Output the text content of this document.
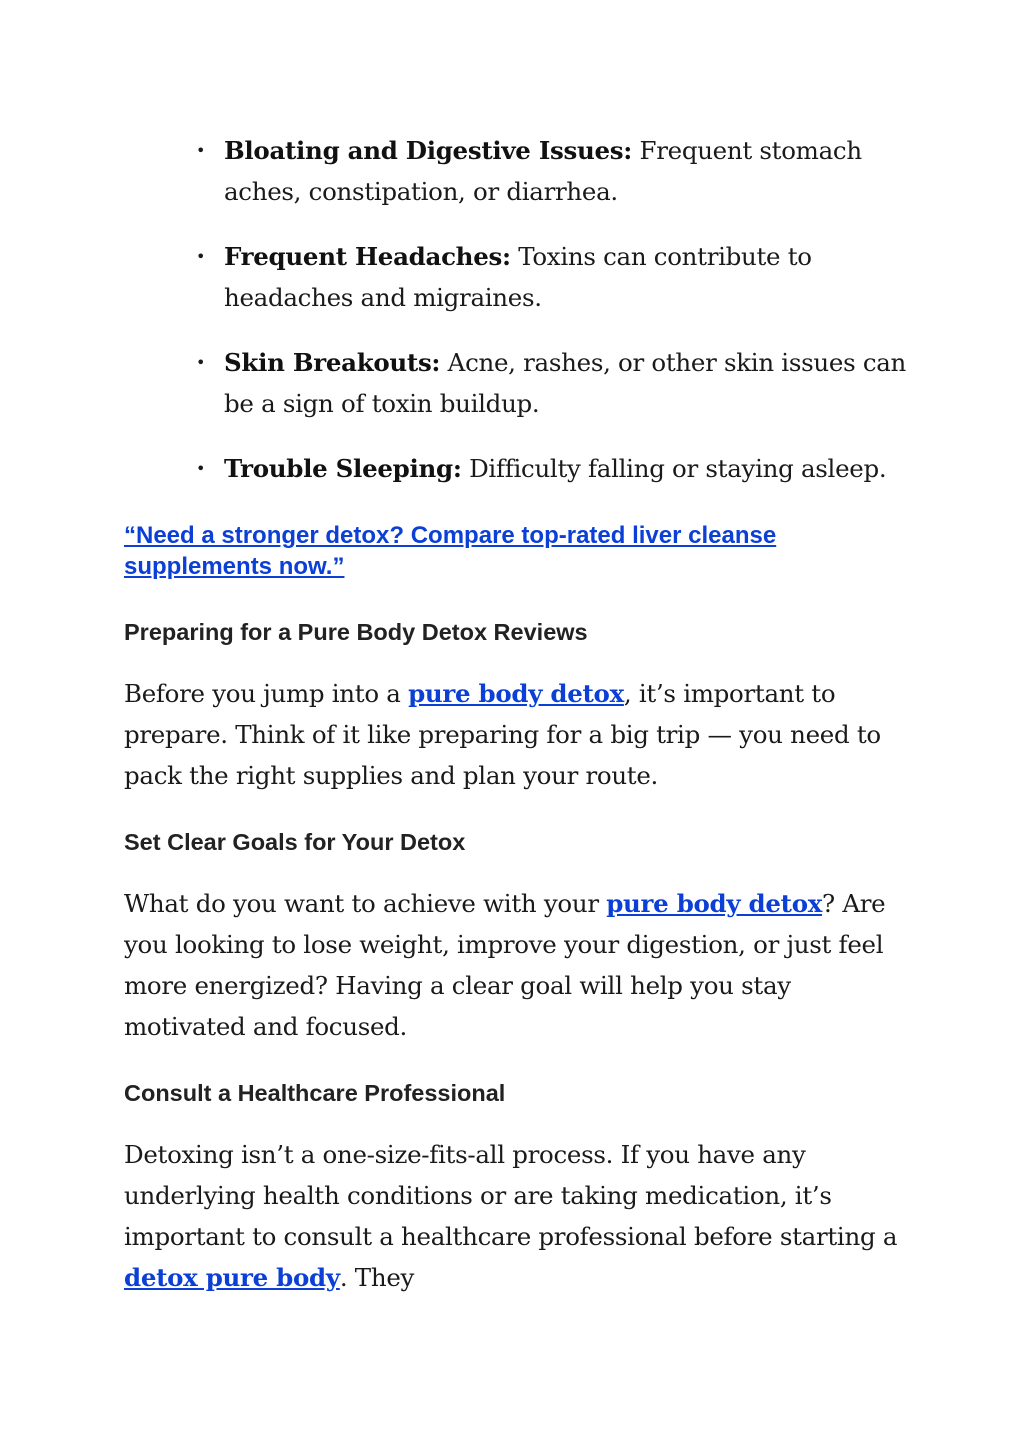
• Bloating and Digestive Issues: Frequent stomach aches, constipation, or diarrhea.
• Frequent Headaches: Toxins can contribute to headaches and migraines.
• Skin Breakouts: Acne, rashes, or other skin issues can be a sign of toxin buildup.
• Trouble Sleeping: Difficulty falling or staying asleep.
“Need a stronger detox? Compare top-rated liver cleanse supplements now.”
Preparing for a Pure Body Detox Reviews

Before you jump into a pure body detox, it’s important to prepare. Think of it like preparing for a big trip — you need to pack the right supplies and plan your route.

Set Clear Goals for Your Detox

What do you want to achieve with your pure body detox? Are you looking to lose weight, improve your digestion, or just feel more energized? Having a clear goal will help you stay motivated and focused.

Consult a Healthcare Professional

Detoxing isn’t a one-size-fits-all process. If you have any underlying health conditions or are taking medication, it’s important to consult a healthcare professional before starting a detox pure body. They
